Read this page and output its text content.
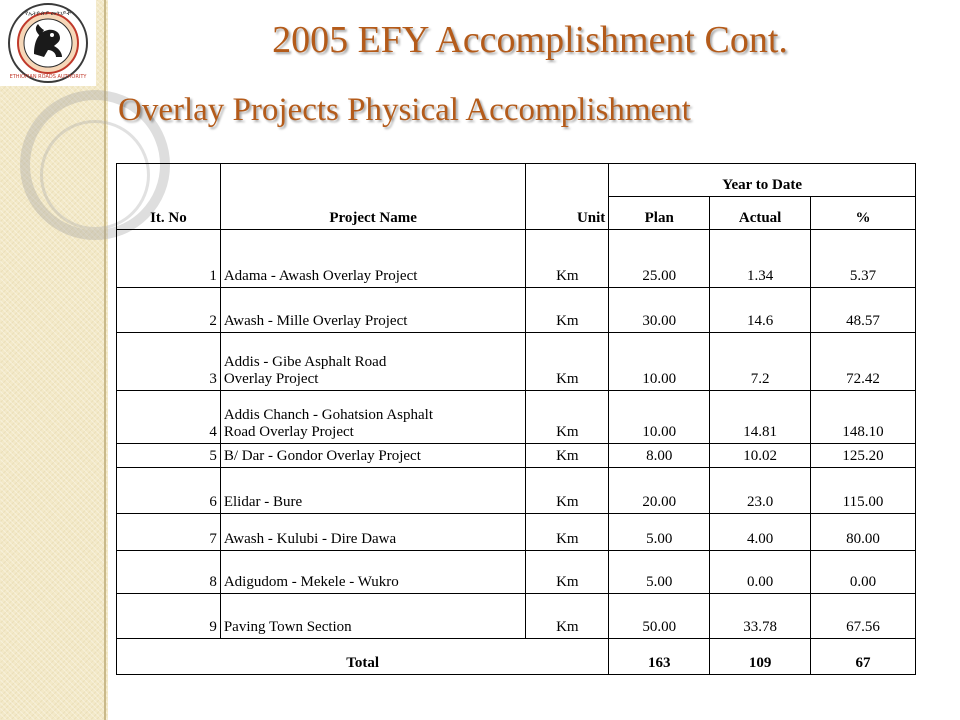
የኢትዮጵያ መንገዶች
ETHIOPIAN ROADS AUTHORITY
2005 EFY Accomplishment Cont.
Overlay Projects Physical Accomplishment
It. No	Project Name	Unit	Year to Date		
			Plan	Actual	%
1	Adama - Awash Overlay Project	Km	25.00	1.34	5.37
2	Awash - Mille Overlay Project	Km	30.00	14.6	48.57
3	Addis - Gibe Asphalt Road
Overlay Project	Km	10.00	7.2	72.42
4	Addis Chanch - Gohatsion Asphalt
Road Overlay Project	Km	10.00	14.81	148.10
5	B/ Dar - Gondor Overlay Project	Km	8.00	10.02	125.20
6	Elidar - Bure	Km	20.00	23.0	115.00
7	Awash - Kulubi - Dire Dawa	Km	5.00	4.00	80.00
8	Adigudom - Mekele - Wukro	Km	5.00	0.00	0.00
9	Paving Town Section	Km	50.00	33.78	67.56
Total			163	109	67
